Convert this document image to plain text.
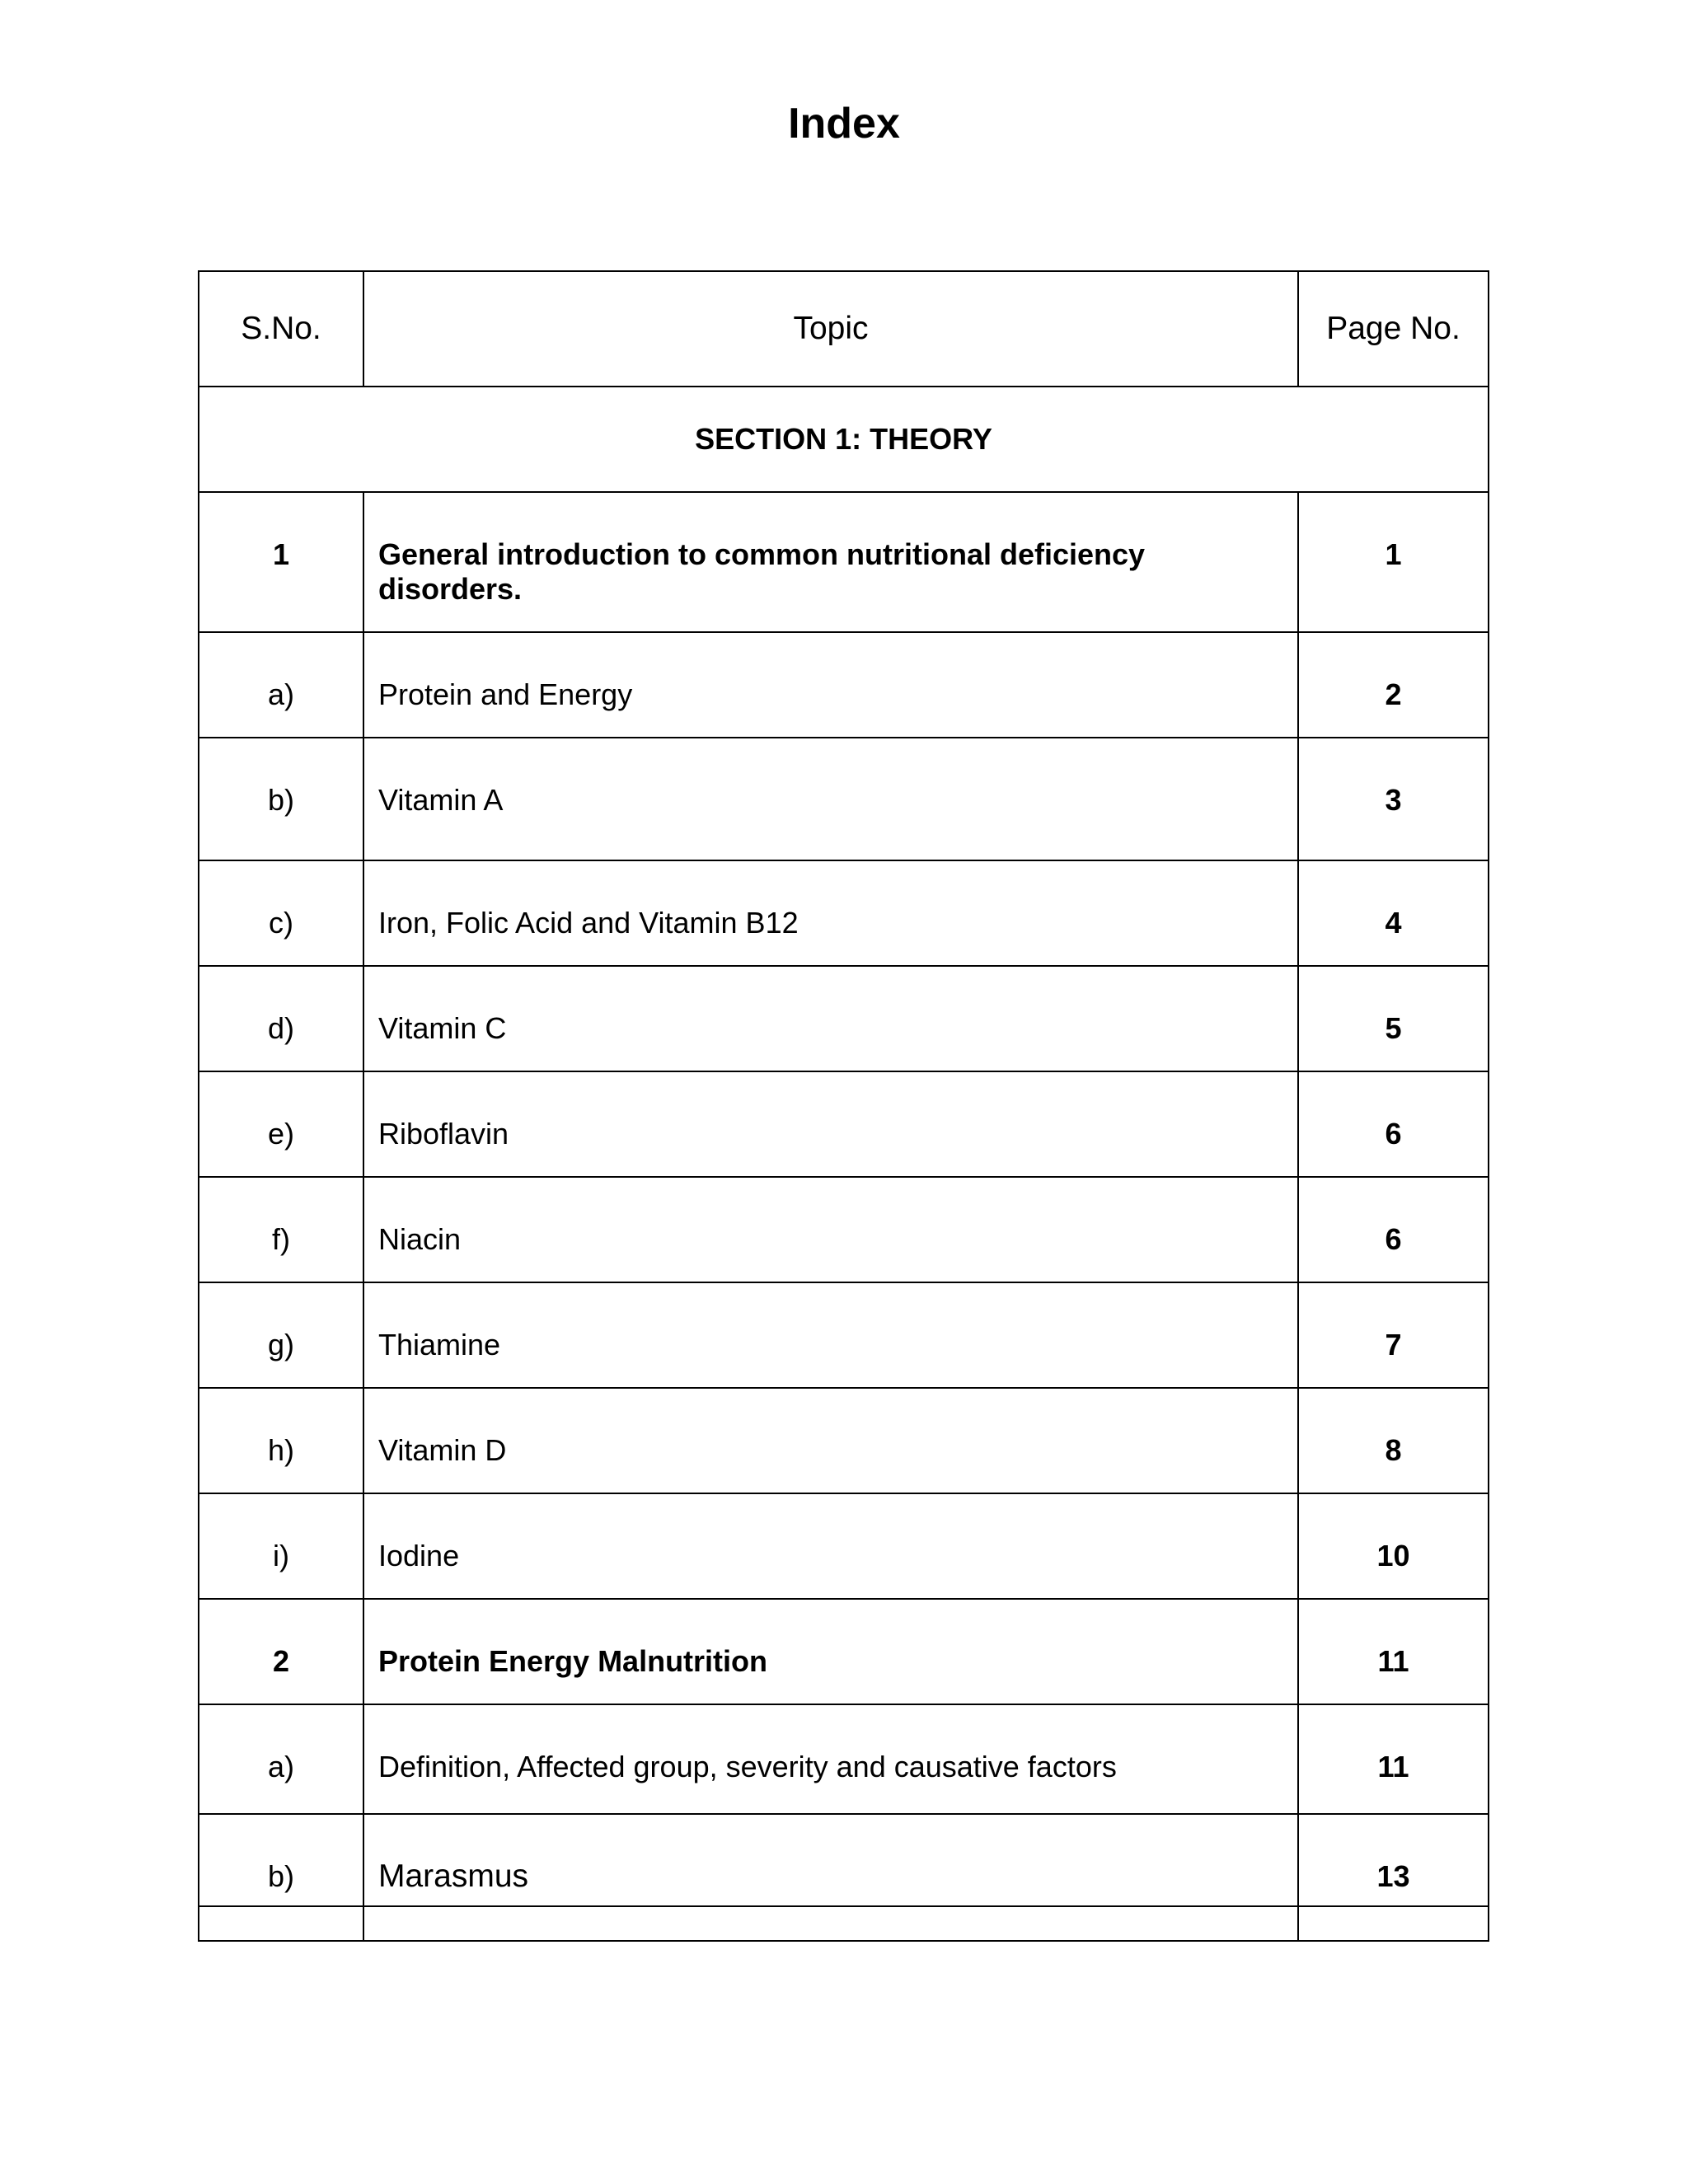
Index
S.No.	Topic	Page No.
SECTION 1: THEORY		
1	General introduction to common nutritional deficiency disorders.	1
a)	Protein and Energy	2
b)	Vitamin A	3
c)	Iron, Folic Acid and Vitamin B12	4
d)	Vitamin C	5
e)	Riboflavin	6
f)	Niacin	6
g)	Thiamine	7
h)	Vitamin D	8
i)	Iodine	10
2	Protein Energy Malnutrition	11
a)	Definition, Affected group, severity and causative factors	11
b)	Marasmus	13
